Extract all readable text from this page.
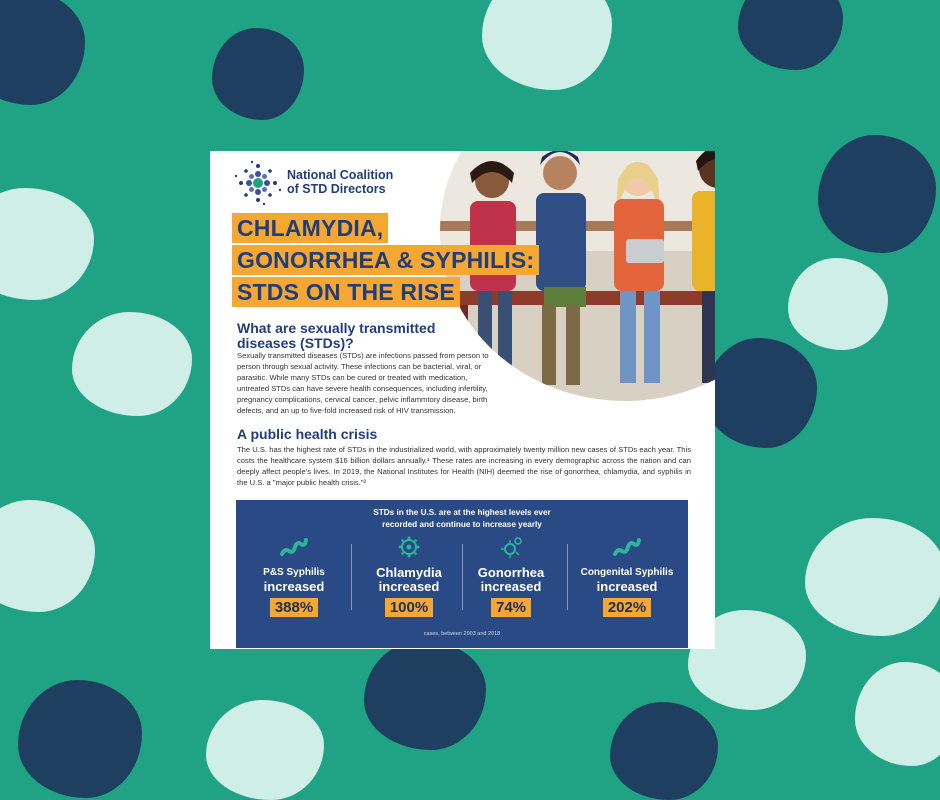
National Coalition
of STD Directors
CHLAMYDIA,
GONORRHEA & SYPHILIS:
STDS ON THE RISE
What are sexually transmitted diseases (STDs)?
Sexually transmitted diseases (STDs) are infections passed from person to person through sexual activity. These infections can be bacterial, viral, or parasitic. While many STDs can be cured or treated with medication, untreated STDs can have severe health consequences, including infertility, pregnancy complications, cervical cancer, pelvic inflammtory disease, birth defects, and an up to five-fold increased risk of HIV transmission.
A public health crisis
The U.S. has the highest rate of STDs in the industrialized world, with approximately twenty million new cases of STDs each year. This costs the healthcare system $16 billion dollars annually.¹ These rates are increasing in every demographic across the nation and can deeply affect people's lives. In 2019, the National Institutes for Health (NIH) deemed the rise of gonorrhea, chlamydia, and syphilis in the U.S. a "major public health crisis."²
STDs in the U.S. are at the highest levels ever
recorded and continue to increase yearly
P&S Syphilis
increased
388%
Chlamydia
increased
100%
Gonorrhea
increased
74%
Congenital Syphilis
increased
202%
cases, between 2003 and 2018
